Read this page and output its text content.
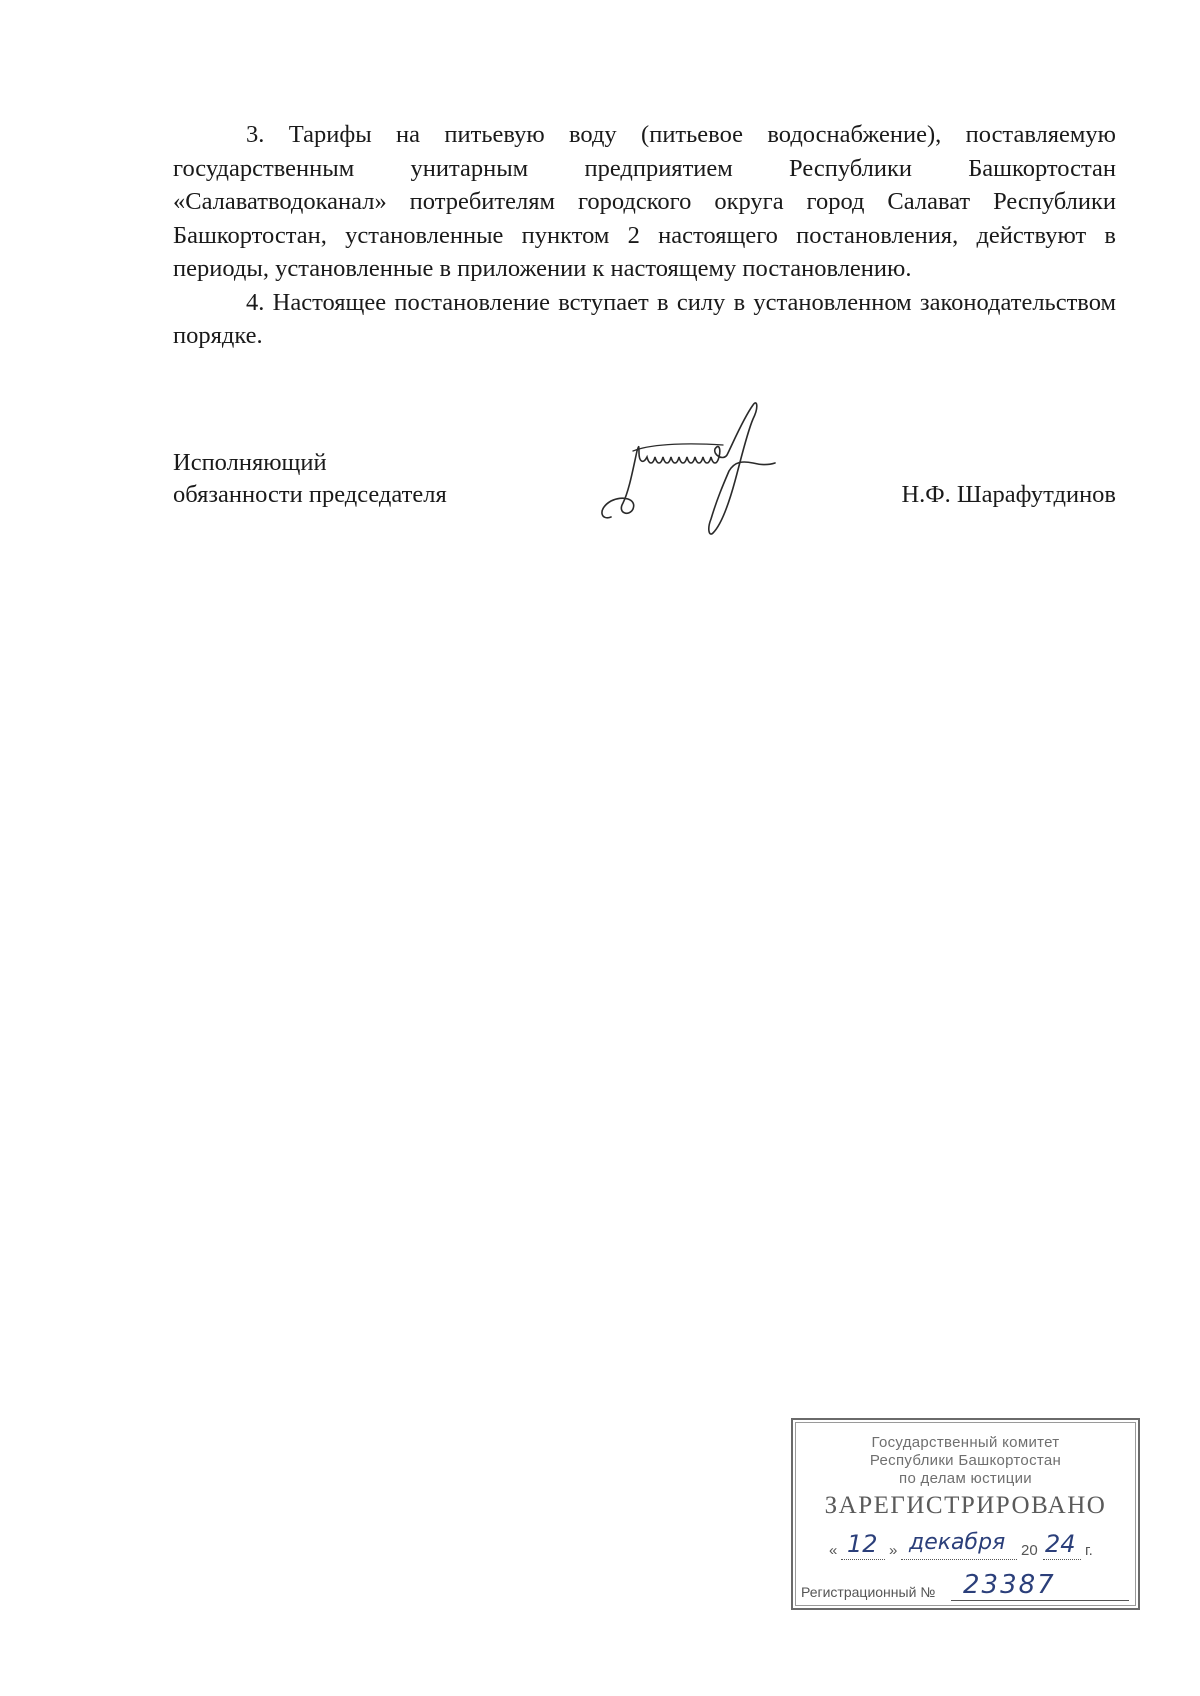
3. Тарифы на питьевую воду (питьевое водоснабжение), поставляемую государственным унитарным предприятием Республики Башкортостан «Салаватводоканал» потребителям городского округа город Салават Республики Башкортостан, установленные пунктом 2 настоящего постановления, действуют в периоды, установленные в приложении к настоящему постановлению.

4. Настоящее постановление вступает в силу в установленном законодательством порядке.

Исполняющий
обязанности председателя	Н.Ф. Шарафутдинов
Государственный комитет
Республики Башкортостан
по делам юстиции
ЗАРЕГИСТРИРОВАНО
« 12 » декабря 20 24 г.
Регистрационный № 23387
